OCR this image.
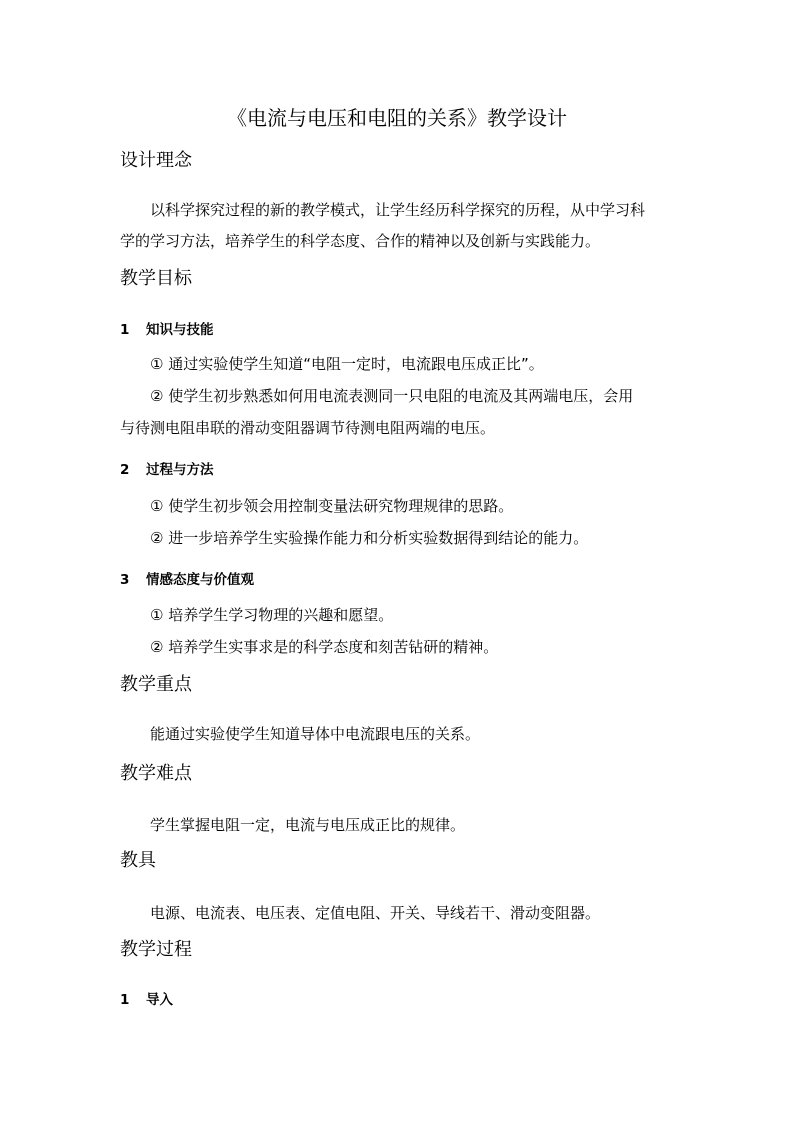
《电流与电压和电阻的关系》教学设计
设计理念
以科学探究过程的新的教学模式，让学生经历科学探究的历程，从中学习科
学的学习方法，培养学生的科学态度、合作的精神以及创新与实践能力。
教学目标
1 知识与技能
① 通过实验使学生知道“电阻一定时，电流跟电压成正比”。
② 使学生初步熟悉如何用电流表测同一只电阻的电流及其两端电压，会用
与待测电阻串联的滑动变阻器调节待测电阻两端的电压。
2 过程与方法
① 使学生初步领会用控制变量法研究物理规律的思路。
② 进一步培养学生实验操作能力和分析实验数据得到结论的能力。
3 情感态度与价值观
① 培养学生学习物理的兴趣和愿望。
② 培养学生实事求是的科学态度和刻苦钻研的精神。
教学重点
能通过实验使学生知道导体中电流跟电压的关系。
教学难点
学生掌握电阻一定，电流与电压成正比的规律。
教具
电源、电流表、电压表、定值电阻、开关、导线若干、滑动变阻器。
教学过程
1 导入
